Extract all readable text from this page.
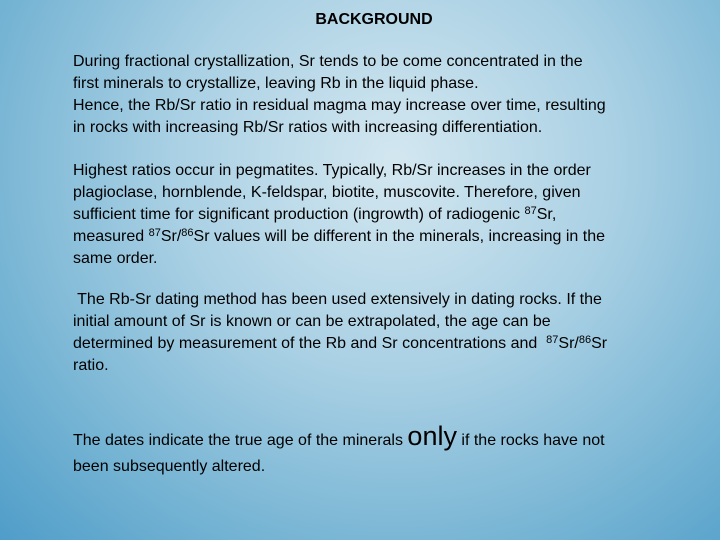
BACKGROUND
During fractional crystallization, Sr tends to be come concentrated in the
first minerals to crystallize, leaving Rb in the liquid phase.
Hence, the Rb/Sr ratio in residual magma may increase over time, resulting
in rocks with increasing Rb/Sr ratios with increasing differentiation.
Highest ratios occur in pegmatites. Typically, Rb/Sr increases in the order
plagioclase, hornblende, K-feldspar, biotite, muscovite. Therefore, given
sufficient time for significant production (ingrowth) of radiogenic $^{87}$Sr,
measured $^{87}$Sr/$^{86}$Sr values will be different in the minerals, increasing in the
same order.
The Rb-Sr dating method has been used extensively in dating rocks. If the
initial amount of Sr is known or can be extrapolated, the age can be
determined by measurement of the Rb and Sr concentrations and  $^{87}$Sr/$^{86}$Sr
ratio.
The dates indicate the true age of the minerals only if the rocks have not
been subsequently altered.
